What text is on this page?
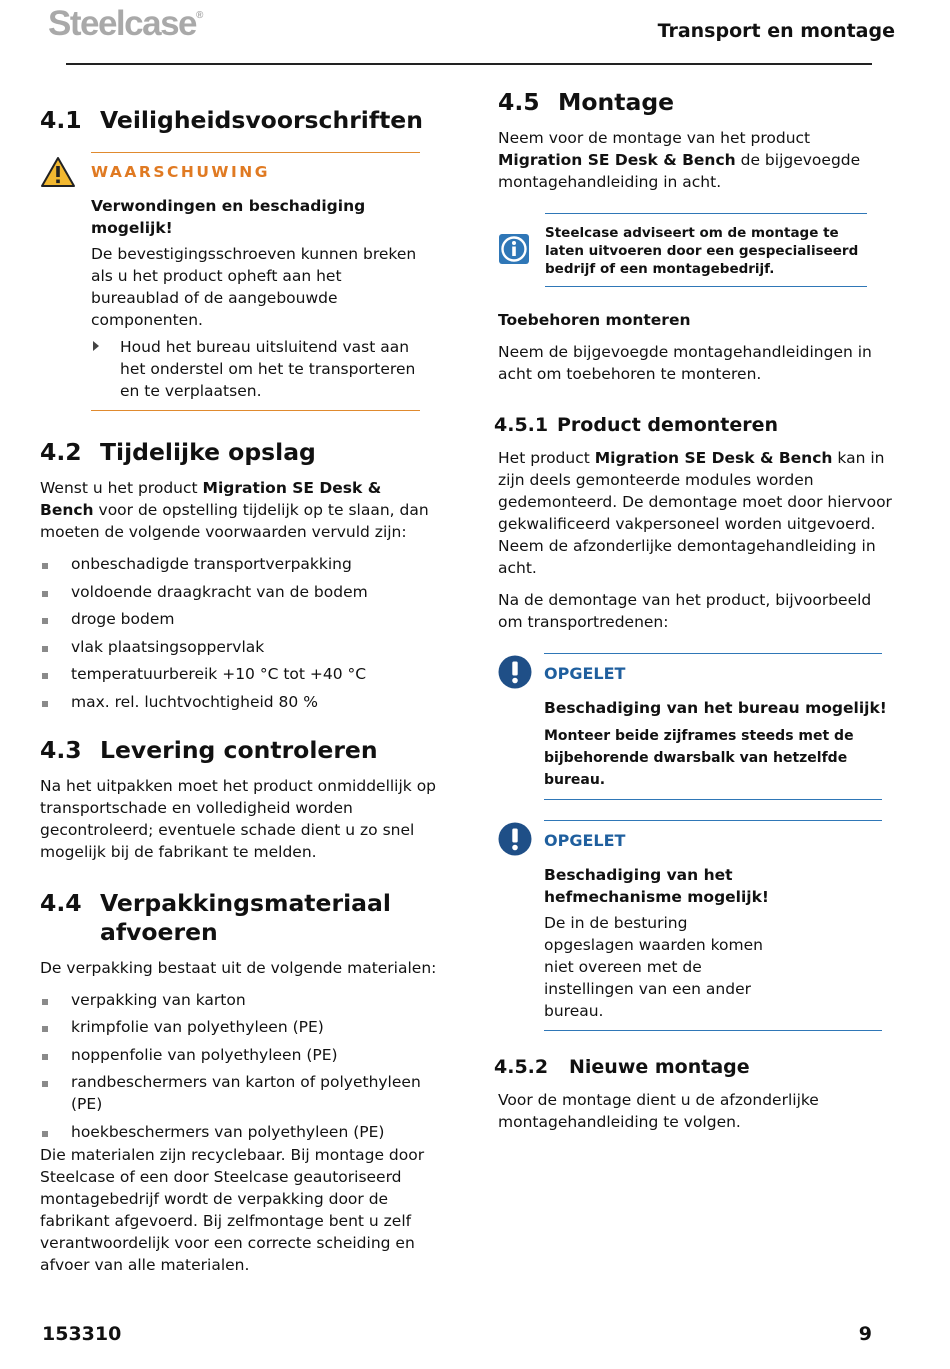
Steelcase®
Transport en montage
4.1 Veiligheidsvoorschriften
WAARSCHUWING

Verwondingen en beschadiging mogelijk!

De bevestigingsschroeven kunnen breken als u het product opheft aan het bureaublad of de aangebouwde componenten.

Houd het bureau uitsluitend vast aan het onderstel om het te transporteren en te verplaatsen.

4.2 Tijdelijke opslag

Wenst u het product Migration SE Desk & Bench voor de opstelling tijdelijk op te slaan, dan moeten de volgende voorwaarden vervuld zijn:

onbeschadigde transportverpakking
voldoende draagkracht van de bodem
droge bodem
vlak plaatsingsoppervlak
temperatuurbereik +10 °C tot +40 °C
max. rel. luchtvochtigheid 80 %
4.3 Levering controleren

Na het uitpakken moet het product onmiddellijk op transportschade en volledigheid worden gecontroleerd; eventuele schade dient u zo snel mogelijk bij de fabrikant te melden.

4.4 Verpakkingsmateriaal afvoeren

De verpakking bestaat uit de volgende materialen:

verpakking van karton
krimpfolie van polyethyleen (PE)
noppenfolie van polyethyleen (PE)
randbeschermers van karton of polyethyleen (PE)
hoekbeschermers van polyethyleen (PE)

Die materialen zijn recyclebaar. Bij montage door Steelcase of een door Steelcase geautoriseerd montagebedrijf wordt de verpakking door de fabrikant afgevoerd. Bij zelfmontage bent u zelf verantwoordelijk voor een correcte scheiding en afvoer van alle materialen.

4.5 Montage

Neem voor de montage van het product Migration SE Desk & Bench de bijgevoegde montagehandleiding in acht.

Steelcase adviseert om de montage te laten uitvoeren door een gespecialiseerd bedrijf of een montagebedrijf.

Toebehoren monteren

Neem de bijgevoegde montagehandleidingen in acht om toebehoren te monteren.

4.5.1 Product demonteren

Het product Migration SE Desk & Bench kan in zijn deels gemonteerde modules worden gedemonteerd. De demontage moet door hiervoor gekwalificeerd vakpersoneel worden uitgevoerd. Neem de afzonderlijke demontagehandleiding in acht.

Na de demontage van het product, bijvoorbeeld om transportredenen:

OPGELET

Beschadiging van het bureau mogelijk!

Monteer beide zijframes steeds met de bijbehorende dwarsbalk van hetzelfde bureau.

OPGELET

Beschadiging van het hefmechanisme mogelijk!

De in de besturing opgeslagen waarden komen niet overeen met de instellingen van een ander bureau.

4.5.2	Nieuwe montage

Voor de montage dient u de afzonderlijke montagehandleiding te volgen.

153310	9
